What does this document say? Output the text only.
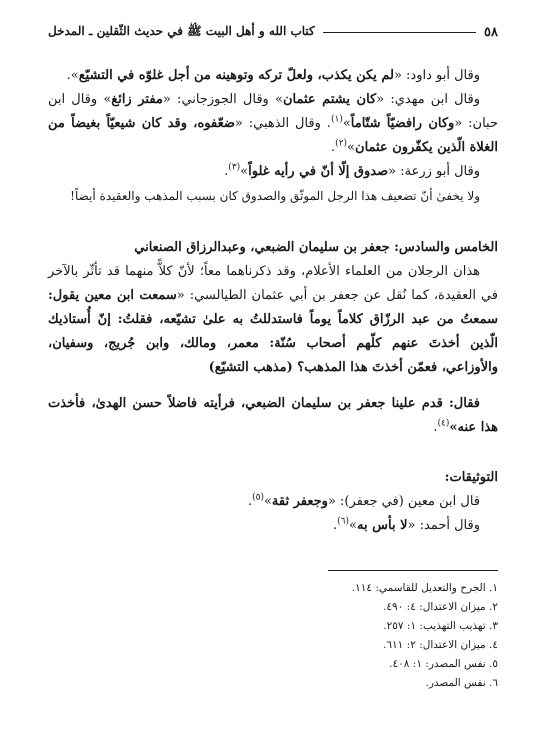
٥٨
كتاب الله و أهل البيت ﷺ في حديث الثّقلين ـ المدخل

وقال أبو داود: «لم يكن يكذب، ولعلّ تركه وتوهينه من أجل غلوّه في التشيّع».

وقال ابن مهدي: «كان يشتم عثمان» وقال الجوزجاني: «مفتر زائغ» وقال ابن حبان: «وكان رافضيّاً شتّاماً»$^{(١)}$. وقال الذهبي: «ضعّفوه، وقد كان شيعيّاً بغيضاً من الغلاة الّذين يكفّرون عثمان»$^{(٢)}$.

وقال أبو زرعة: «صدوق إلّا أنّ في رأيه غلواً»$^{(٣)}$.

ولا يخفىٰ أنّ تضعيف هذا الرجل الموثّق والصدوق كان بسبب المذهب والعقيدة أيضاً!

الخامس والسادس: جعفر بن سليمان الضبعي، وعبدالرزاق الصنعاني

هذان الرجلان من العلماء الأعلام، وقد ذكرناهما معاً؛ لأنّ كلاًّ منهما قد تأثّر بالآخر في العقيدة، كما نُقل عن جعفر بن أبي عثمان الطيالسي: «سمعت ابن معين يقول: سمعتُ من عبد الرزّاق كلاماً يوماً فاستدللتُ به علىٰ تشيّعه، فقلتُ: إنّ أُستاذيك الّذين أخذتَ عنهم كلّهم أصحاب سُنّة: معمر، ومالك، وابن جُريج، وسفيان، والأوزاعي، فعمّن أخذتَ هذا المذهب؟ (مذهب التشيّع)

فقال: قدم علينا جعفر بن سليمان الضبعي، فرأيته فاضلاً حسن الهدىٰ، فأخذت هذا عنه»$^{(٤)}$.

التوثيقات:

قال ابن معين (في جعفر): «وجعفر ثقة»$^{(٥)}$.

وقال أحمد: «لا بأس به»$^{(٦)}$.

١. الجرح والتعديل للقاسمي: ١١٤.
٢. ميزان الاعتدال: ٤: ٤٩٠.
٣. تهذيب التهذيب: ١: ٢٥٧.
٤. ميزان الاعتدال: ٢: ٦١١.
٥. نفس المصدر: ١: ٤٠٨.
٦. نفس المصدر.
